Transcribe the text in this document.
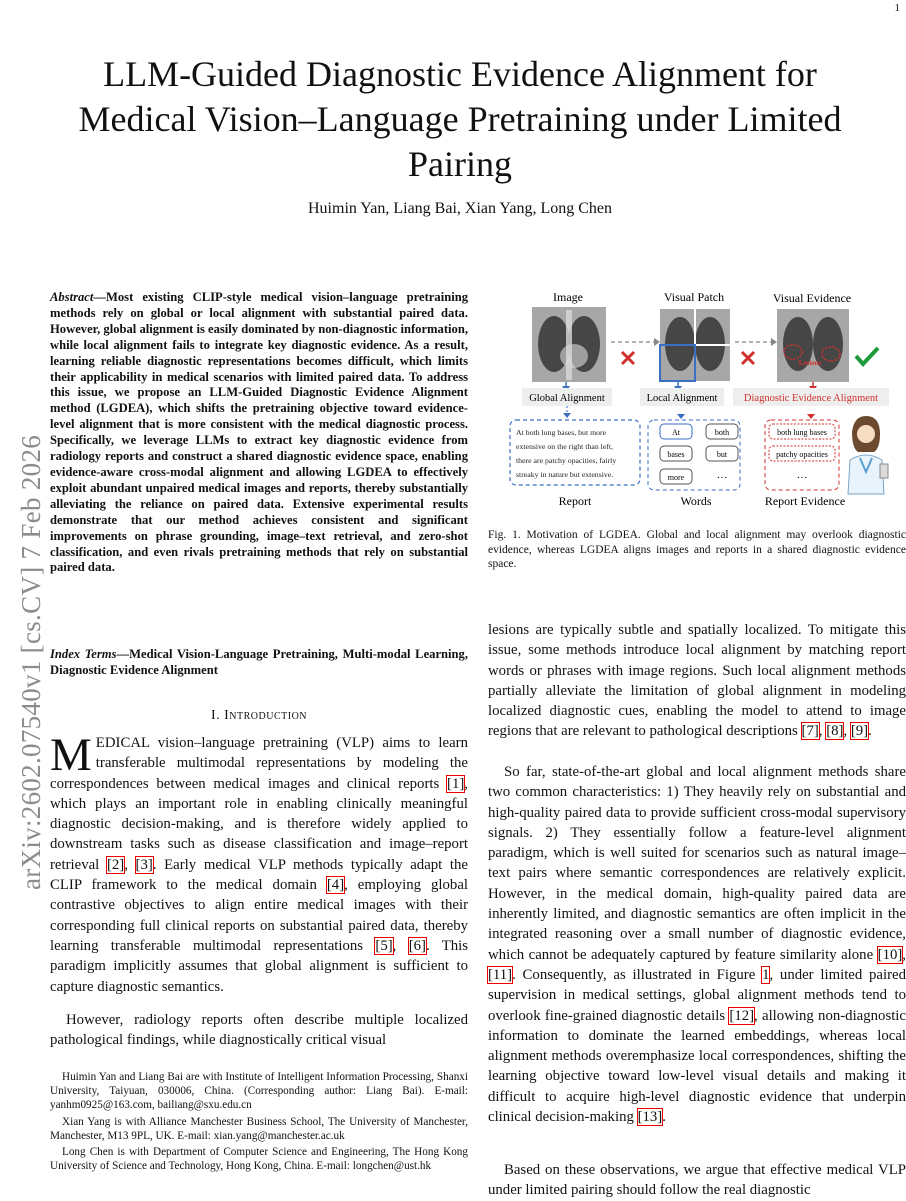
1
arXiv:2602.07540v1 [cs.CV] 7 Feb 2026
LLM-Guided Diagnostic Evidence Alignment for Medical Vision–Language Pretraining under Limited Pairing
Huimin Yan, Liang Bai, Xian Yang, Long Chen
Abstract—Most existing CLIP-style medical vision–language pretraining methods rely on global or local alignment with substantial paired data. However, global alignment is easily dominated by non-diagnostic information, while local alignment fails to integrate key diagnostic evidence. As a result, learning reliable diagnostic representations becomes difficult, which limits their applicability in medical scenarios with limited paired data. To address this issue, we propose an LLM-Guided Diagnostic Evidence Alignment method (LGDEA), which shifts the pretraining objective toward evidence-level alignment that is more consistent with the medical diagnostic process. Specifically, we leverage LLMs to extract key diagnostic evidence from radiology reports and construct a shared diagnostic evidence space, enabling evidence-aware cross-modal alignment and allowing LGDEA to effectively exploit abundant unpaired medical images and reports, thereby substantially alleviating the reliance on paired data. Extensive experimental results demonstrate that our method achieves consistent and significant improvements on phrase grounding, image–text retrieval, and zero-shot classification, and even rivals pretraining methods that rely on substantial paired data.
Index Terms—Medical Vision-Language Pretraining, Multi-modal Learning, Diagnostic Evidence Alignment
I. Introduction
MEDICAL vision–language pretraining (VLP) aims to learn transferable multimodal representations by modeling the correspondences between medical images and clinical reports [1], which plays an important role in enabling clinically meaningful diagnostic decision-making, and is therefore widely applied to downstream tasks such as disease classification and image–report retrieval [2], [3]. Early medical VLP methods typically adapt the CLIP framework to the medical domain [4], employing global contrastive objectives to align entire medical images with their corresponding full clinical reports on substantial paired data, thereby learning transferable multimodal representations [5], [6]. This paradigm implicitly assumes that global alignment is sufficient to capture diagnostic semantics.
However, radiology reports often describe multiple localized pathological findings, while diagnostically critical visual

Huimin Yan and Liang Bai are with Institute of Intelligent Information Processing, Shanxi University, Taiyuan, 030006, China. (Corresponding author: Liang Bai). E-mail: yanhm0925@163.com, bailiang@sxu.edu.cn

Xian Yang is with Alliance Manchester Business School, The University of Manchester, Manchester, M13 9PL, UK. E-mail: xian.yang@manchester.ac.uk

Long Chen is with Department of Computer Science and Engineering, The Hong Kong University of Science and Technology, Hong Kong, China. E-mail: longchen@ust.hk

Image	Visual Patch	Visual Evidence
Lesions
Global Alignment	Local Alignment	Diagnostic Evidence Alignment
At both lung bases, but more
extensive on the right than left,
there are patchy opacities, fairly
streaky in nature but extensive.
At	both
bases	but
more	···
both lung bases
patchy opacities
···
Report	Words	Report Evidence
Fig. 1. Motivation of LGDEA. Global and local alignment may overlook diagnostic evidence, whereas LGDEA aligns images and reports in a shared diagnostic evidence space.
lesions are typically subtle and spatially localized. To mitigate this issue, some methods introduce local alignment by matching report words or phrases with image regions. Such local alignment methods partially alleviate the limitation of global alignment in modeling localized diagnostic cues, enabling the model to attend to image regions that are relevant to pathological descriptions [7], [8], [9].
So far, state-of-the-art global and local alignment methods share two common characteristics: 1) They heavily rely on substantial and high-quality paired data to provide sufficient cross-modal supervisory signals. 2) They essentially follow a feature-level alignment paradigm, which is well suited for scenarios such as natural image–text pairs where semantic correspondences are relatively explicit. However, in the medical domain, high-quality paired data are inherently limited, and diagnostic semantics are often implicit in the integrated reasoning over a small number of diagnostic evidence, which cannot be adequately captured by feature similarity alone [10], [11]. Consequently, as illustrated in Figure 1, under limited paired supervision in medical settings, global alignment methods tend to overlook fine-grained diagnostic details [12], allowing non-diagnostic information to dominate the learned embeddings, whereas local alignment methods overemphasize local correspondences, shifting the learning objective toward low-level visual details and making it difficult to acquire high-level diagnostic evidence that underpin clinical decision-making [13].
Based on these observations, we argue that effective medical VLP under limited pairing should follow the real diagnostic
